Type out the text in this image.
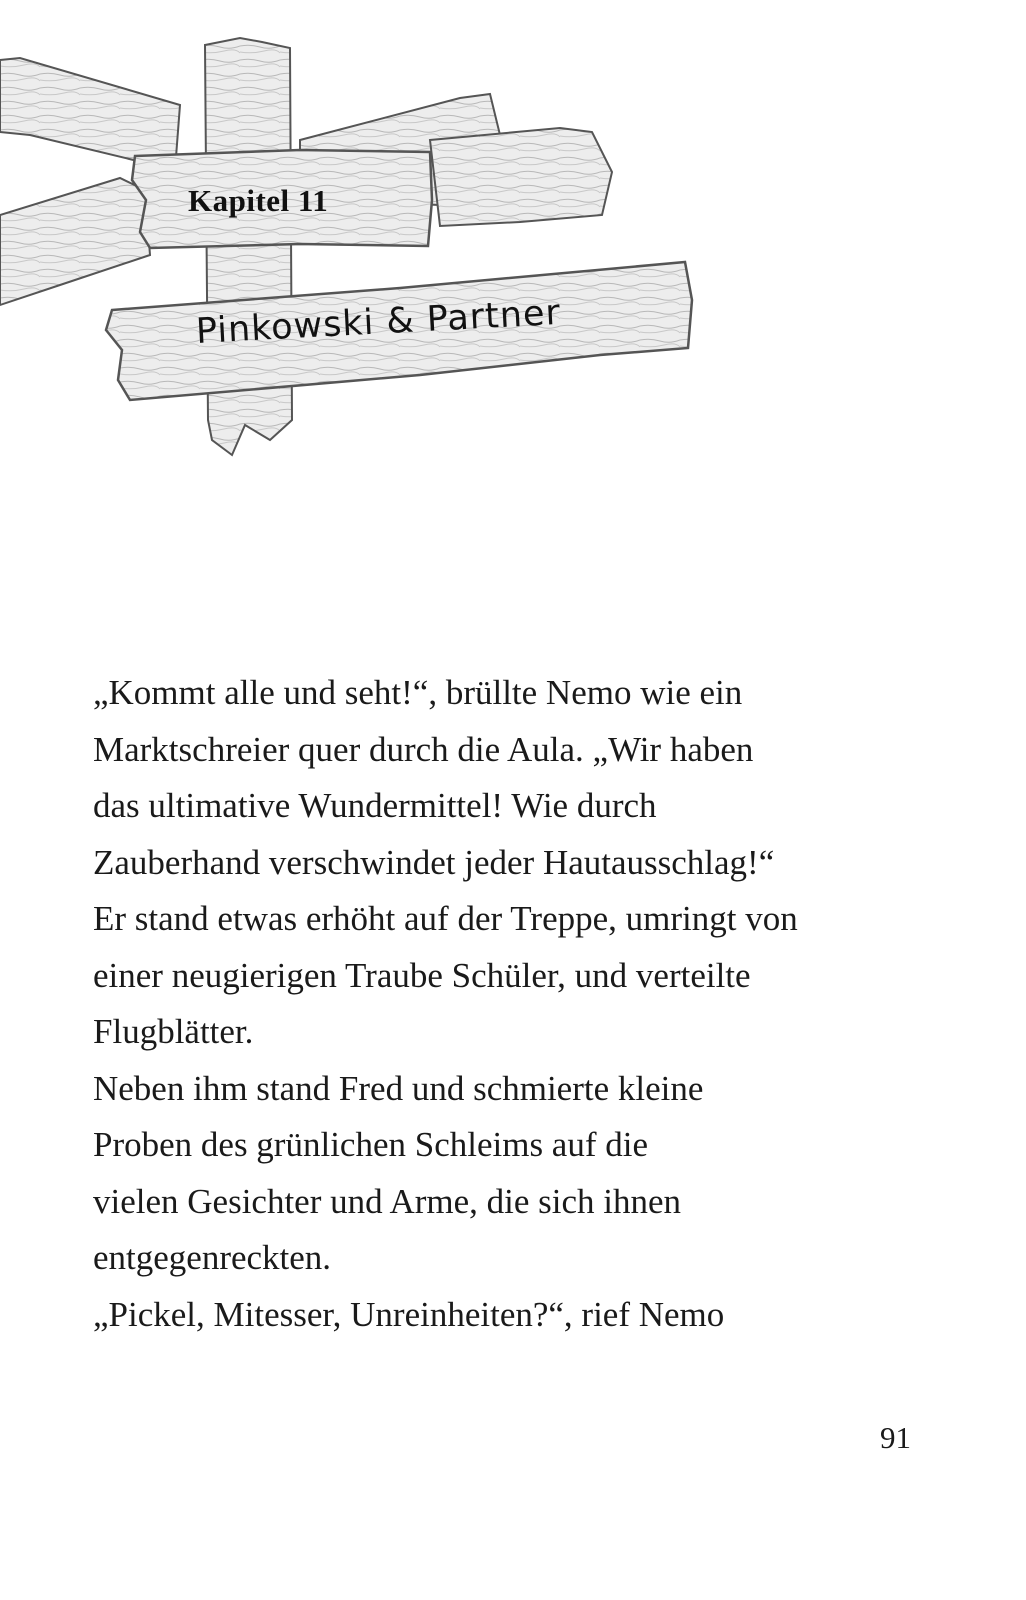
Kapitel 11
Pinkowski & Partner
„Kommt alle und seht!“, brüllte Nemo wie ein
Marktschreier quer durch die Aula. „Wir haben
das ultimative Wundermittel! Wie durch
Zauberhand verschwindet jeder Hautausschlag!“
Er stand etwas erhöht auf der Treppe, umringt von
einer neugierigen Traube Schüler, und verteilte
Flugblätter.
Neben ihm stand Fred und schmierte kleine
Proben des grünlichen Schleims auf die
vielen Gesichter und Arme, die sich ihnen
entgegenreckten.
„Pickel, Mitesser, Unreinheiten?“, rief Nemo
91
